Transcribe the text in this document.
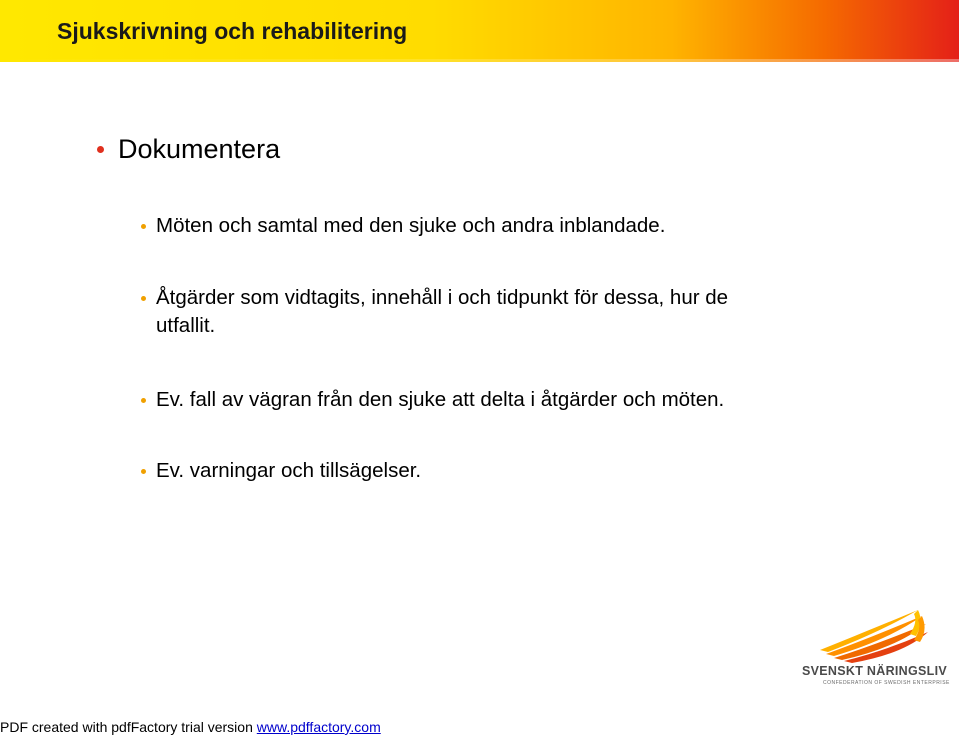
Sjukskrivning och rehabilitering
Dokumentera
Möten och samtal med den sjuke och andra inblandade.
Åtgärder som vidtagits, innehåll i och tidpunkt för dessa, hur de
utfallit.
Ev. fall av vägran från den sjuke att delta i åtgärder och möten.
Ev. varningar och tillsägelser.
SVENSKT NÄRINGSLIV
CONFEDERATION OF SWEDISH ENTERPRISE
PDF created with pdfFactory trial version www.pdffactory.com
